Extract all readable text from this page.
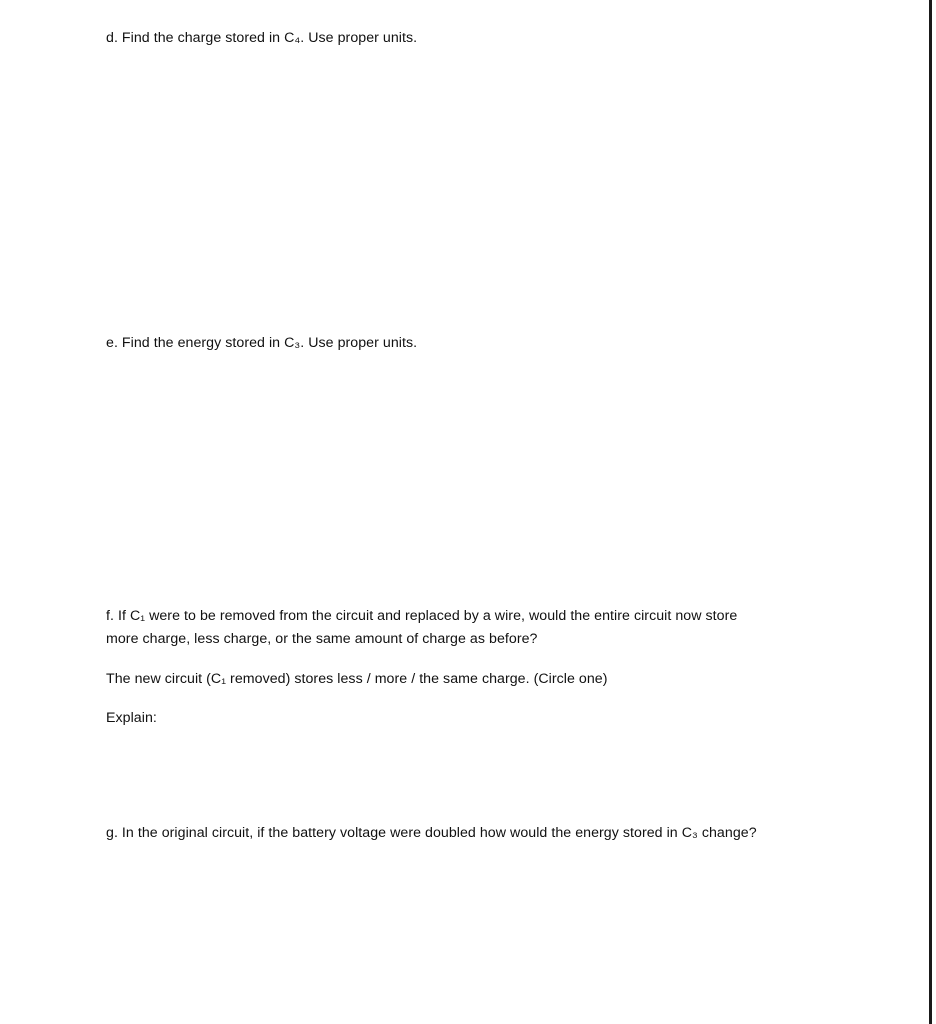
d. Find the charge stored in C₄. Use proper units.
e. Find the energy stored in C₃. Use proper units.
f. If C₁ were to be removed from the circuit and replaced by a wire, would the entire circuit now store
more charge, less charge, or the same amount of charge as before?
The new circuit (C₁ removed) stores less / more / the same charge. (Circle one)
Explain:
g. In the original circuit, if the battery voltage were doubled how would the energy stored in C₃ change?
